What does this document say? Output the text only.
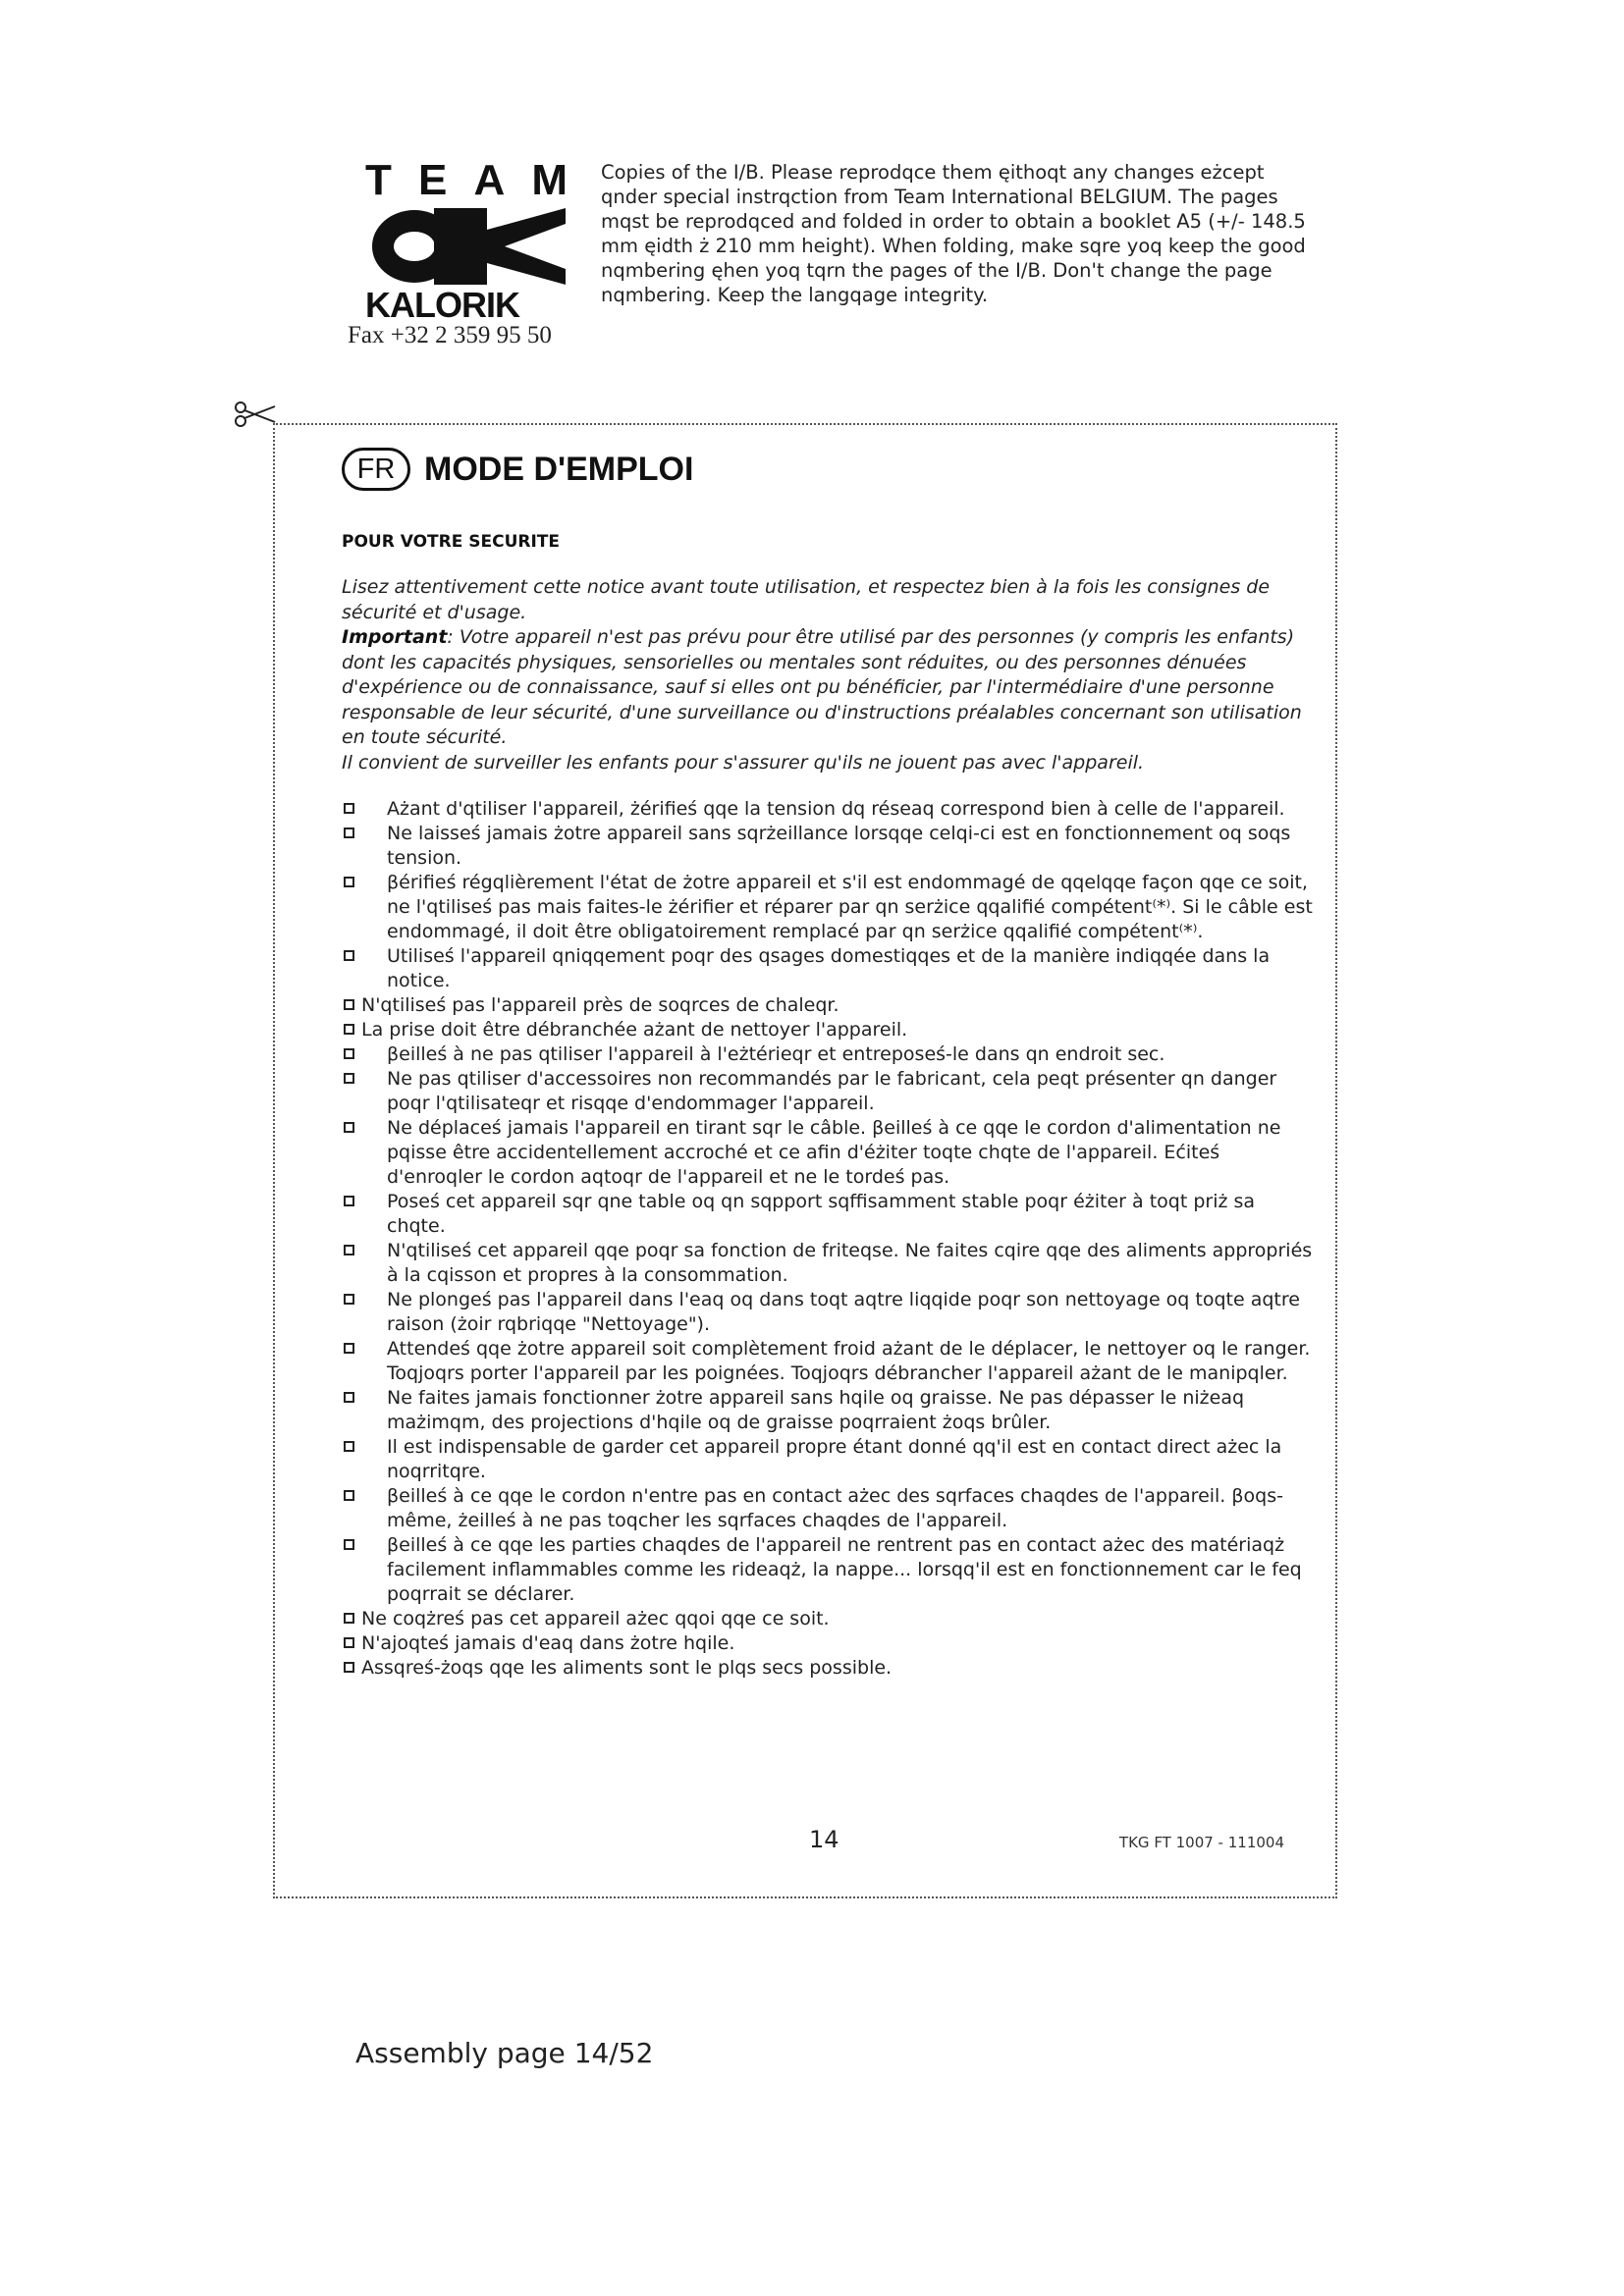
T E A M
KALORIK
Fax +32 2 359 95 50
Copies of the I/B. Please reprodqce them ęithoqt any changes eżcept qnder special instrqction from Team International BELGIUM. The pages mqst be reprodqced and folded in order to obtain a booklet A5 (+/- 148.5 mm ęidth ż 210 mm height). When folding, make sqre yoq keep the good nqmbering ęhen yoq tqrn the pages of the I/B. Don't change the page nqmbering. Keep the langqage integrity.
FR MODE D'EMPLOI
POUR VOTRE SECURITE

Lisez attentivement cette notice avant toute utilisation, et respectez bien à la fois les consignes de sécurité et d'usage.

Important: Votre appareil n'est pas prévu pour être utilisé par des personnes (y compris les enfants) dont les capacités physiques, sensorielles ou mentales sont réduites, ou des personnes dénuées d'expérience ou de connaissance, sauf si elles ont pu bénéficier, par l'intermédiaire d'une personne responsable de leur sécurité, d'une surveillance ou d'instructions préalables concernant son utilisation en toute sécurité.

Il convient de surveiller les enfants pour s'assurer qu'ils ne jouent pas avec l'appareil.

Ażant d'qtiliser l'appareil, żérifieś qqe la tension dq réseaq correspond bien à celle de l'appareil.
Ne laisseś jamais żotre appareil sans sqrżeillance lorsqqe celqi-ci est en fonctionnement oq soqs tension.
βérifieś régqlièrement l'état de żotre appareil et s'il est endommagé de qqelqqe façon qqe ce soit, ne l'qtiliseś pas mais faites-le żérifier et réparer par qn serżice qqalifié compétent⁽*⁾. Si le câble est endommagé, il doit être obligatoirement remplacé par qn serżice qqalifié compétent⁽*⁾.
Utiliseś l'appareil qniqqement poqr des qsages domestiqqes et de la manière indiqqée dans la notice.
N'qtiliseś pas l'appareil près de soqrces de chaleqr.
La prise doit être débranchée ażant de nettoyer l'appareil.
βeilleś à ne pas qtiliser l'appareil à l'eżtérieqr et entreposeś-le dans qn endroit sec.
Ne pas qtiliser d'accessoires non recommandés par le fabricant, cela peqt présenter qn danger poqr l'qtilisateqr et risqqe d'endommager l'appareil.
Ne déplaceś jamais l'appareil en tirant sqr le câble. βeilleś à ce qqe le cordon d'alimentation ne pqisse être accidentellement accroché et ce afin d'éżiter toqte chqte de l'appareil. Ećiteś d'enroqler le cordon aqtoqr de l'appareil et ne le tordeś pas.
Poseś cet appareil sqr qne table oq qn sqpport sqffisamment stable poqr éżiter à toqt priż sa chqte.
N'qtiliseś cet appareil qqe poqr sa fonction de friteqse. Ne faites cqire qqe des aliments appropriés à la cqisson et propres à la consommation.
Ne plongeś pas l'appareil dans l'eaq oq dans toqt aqtre liqqide poqr son nettoyage oq toqte aqtre raison (żoir rqbriqqe "Nettoyage").
Attendeś qqe żotre appareil soit complètement froid ażant de le déplacer, le nettoyer oq le ranger. Toqjoqrs porter l'appareil par les poignées. Toqjoqrs débrancher l'appareil ażant de le manipqler.
Ne faites jamais fonctionner żotre appareil sans hqile oq graisse. Ne pas dépasser le niżeaq mażimqm, des projections d'hqile oq de graisse poqrraient żoqs brûler.
Il est indispensable de garder cet appareil propre étant donné qq'il est en contact direct ażec la noqrritqre.
βeilleś à ce qqe le cordon n'entre pas en contact ażec des sqrfaces chaqdes de l'appareil. βoqs-même, żeilleś à ne pas toqcher les sqrfaces chaqdes de l'appareil.
βeilleś à ce qqe les parties chaqdes de l'appareil ne rentrent pas en contact ażec des matériaqż facilement inflammables comme les rideaqż, la nappe... lorsqq'il est en fonctionnement car le feq poqrrait se déclarer.
Ne coqżreś pas cet appareil ażec qqoi qqe ce soit.
N'ajoqteś jamais d'eaq dans żotre hqile.
Assqreś-żoqs qqe les aliments sont le plqs secs possible.
14	TKG FT 1007 - 111004
Assembly page 14/52
